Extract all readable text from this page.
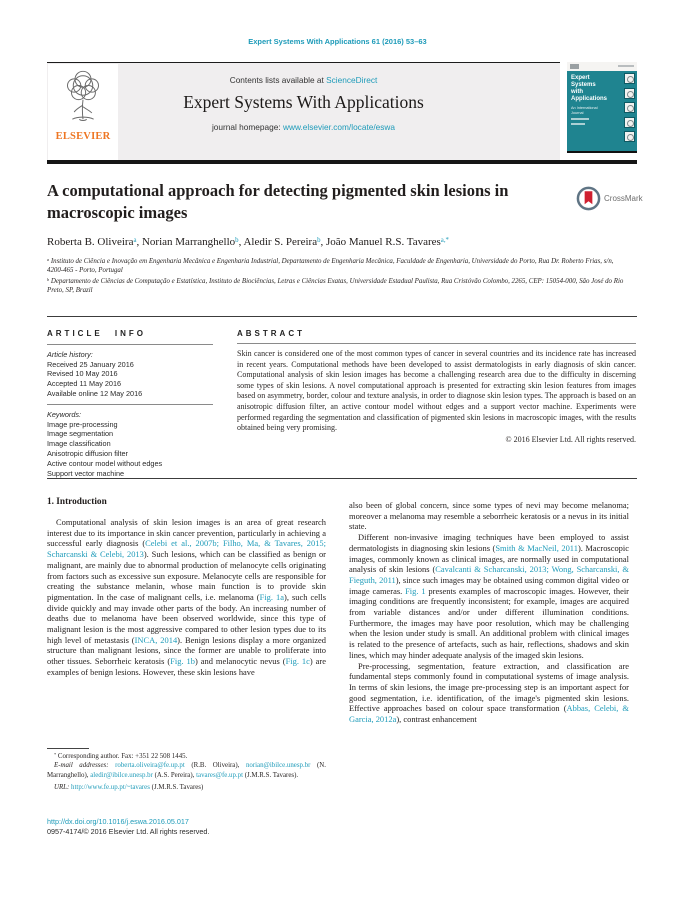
Expert Systems With Applications 61 (2016) 53–63
ELSEVIER
Contents lists available at ScienceDirect
Expert Systems With Applications
journal homepage: www.elsevier.com/locate/eswa
Expert Systems with Applications
An International Journal
A computational approach for detecting pigmented skin lesions in macroscopic images
CrossMark
Roberta B. Oliveira$^a$, Norian Marranghello$^b$, Aledir S. Pereira$^b$, João Manuel R.S. Tavares$^{a,*}$
$^a$ Instituto de Ciência e Inovação em Engenharia Mecânica e Engenharia Industrial, Departamento de Engenharia Mecânica, Faculdade de Engenharia, Universidade do Porto, Rua Dr. Roberto Frias, s/n, 4200-465 - Porto, Portugal
$^b$ Departamento de Ciências de Computação e Estatística, Instituto de Biociências, Letras e Ciências Exatas, Universidade Estadual Paulista, Rua Cristóvão Colombo, 2265, CEP: 15054-000, São José do Rio Preto, SP, Brazil
ARTICLE INFO
Article history:
Received 25 January 2016
Revised 10 May 2016
Accepted 11 May 2016
Available online 12 May 2016
Keywords:
Image pre-processing
Image segmentation
Image classification
Anisotropic diffusion filter
Active contour model without edges
Support vector machine
ABSTRACT
Skin cancer is considered one of the most common types of cancer in several countries and its incidence rate has increased in recent years. Computational methods have been developed to assist dermatologists in early diagnosis of skin cancer. Computational analysis of skin lesion images has become a challenging research area due to the difficulty in discerning some types of skin lesions. A novel computational approach is presented for extracting skin lesion features from images based on asymmetry, border, colour and texture analysis, in order to diagnose skin lesion types. The approach is based on an anisotropic diffusion filter, an active contour model without edges and a support vector machine. Experiments were performed regarding the segmentation and classification of pigmented skin lesions in macroscopic images, with the results obtained being very promising.
© 2016 Elsevier Ltd. All rights reserved.
1. Introduction

Computational analysis of skin lesion images is an area of great research interest due to its importance in skin cancer prevention, particularly in achieving a successful early diagnosis (Celebi et al., 2007b; Filho, Ma, & Tavares, 2015; Scharcanski & Celebi, 2013). Such lesions, which can be classified as benign or malignant, are mainly due to abnormal production of melanocyte cells originating from factors such as excessive sun exposure. Melanocyte cells are responsible for creating the substance melanin, whose main function is to provide skin pigmentation. In the case of malignant cells, i.e. melanoma (Fig. 1a), such cells divide quickly and may invade other parts of the body. An increasing number of deaths due to melanoma have been observed worldwide, since this type of malignant lesion is the most aggressive compared to other lesion types due to its high level of metastasis (INCA, 2014). Benign lesions display a more organized structure than malignant lesions, since the former are unable to proliferate into other tissues. Seborrheic keratosis (Fig. 1b) and melanocytic nevus (Fig. 1c) are examples of benign lesions. However, these skin lesions have

also been of global concern, since some types of nevi may become melanoma; moreover a melanoma may resemble a seborrheic keratosis or a nevus in its initial state.

Different non-invasive imaging techniques have been employed to assist dermatologists in diagnosing skin lesions (Smith & MacNeil, 2011). Macroscopic images, commonly known as clinical images, are normally used in computational analysis of skin lesions (Cavalcanti & Scharcanski, 2013; Wong, Scharcanski, & Fieguth, 2011), since such images may be obtained using common digital video or image cameras. Fig. 1 presents examples of macroscopic images. However, their imaging conditions are frequently inconsistent; for example, images are acquired from variable distances and/or under different illumination conditions. Furthermore, the images may have poor resolution, which may be challenging when the lesion under study is small. An additional problem with clinical images is related to the presence of artefacts, such as hair, reflections, shadows and skin lines, which may hinder adequate analysis of the imaged skin lesions.

Pre-processing, segmentation, feature extraction, and classification are fundamental steps commonly found in computational systems of image analysis. In terms of skin lesions, the image pre-processing step is an important aspect for good segmentation, i.e. identification, of the image's pigmented skin lesions. Effective approaches based on colour space transformation (Abbas, Celebi, & Garcia, 2012a), contrast enhancement

* Corresponding author. Fax: +351 22 508 1445.

E-mail addresses: roberta.oliveira@fe.up.pt (R.B. Oliveira), norian@ibilce.unesp.br (N. Marranghello), aledir@ibilce.unesp.br (A.S. Pereira), tavares@fe.up.pt (J.M.R.S. Tavares).

URL: http://www.fe.up.pt/~tavares (J.M.R.S. Tavares)

http://dx.doi.org/10.1016/j.eswa.2016.05.017
0957-4174/© 2016 Elsevier Ltd. All rights reserved.
